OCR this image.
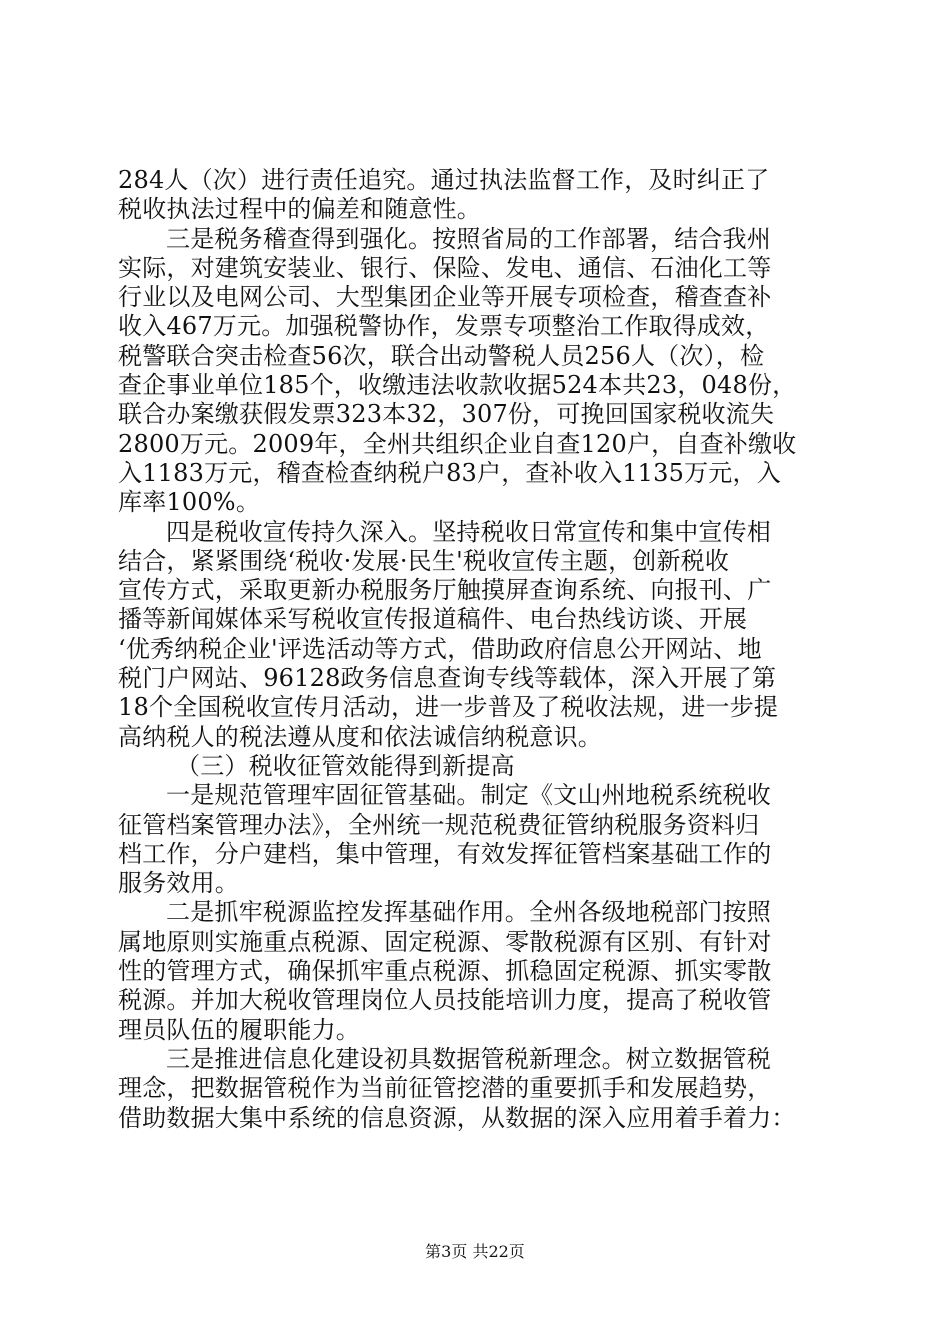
284人（次）进行责任追究。通过执法监督工作，及时纠正了
税收执法过程中的偏差和随意性。
三是税务稽查得到强化。按照省局的工作部署，结合我州
实际，对建筑安装业、银行、保险、发电、通信、石油化工等
行业以及电网公司、大型集团企业等开展专项检查，稽查查补
收入467万元。加强税警协作，发票专项整治工作取得成效，
税警联合突击检查56次，联合出动警税人员256人（次），检
查企事业单位185个，收缴违法收款收据524本共23，048份，
联合办案缴获假发票323本32，307份，可挽回国家税收流失
2800万元。2009年，全州共组织企业自查120户，自查补缴收
入1183万元，稽查检查纳税户83户，查补收入1135万元，入
库率100%。
四是税收宣传持久深入。坚持税收日常宣传和集中宣传相
结合，紧紧围绕‘税收·发展·民生'税收宣传主题，创新税收
宣传方式，采取更新办税服务厅触摸屏查询系统、向报刊、广
播等新闻媒体采写税收宣传报道稿件、电台热线访谈、开展
‘优秀纳税企业'评选活动等方式，借助政府信息公开网站、地
税门户网站、96128政务信息查询专线等载体，深入开展了第
18个全国税收宣传月活动，进一步普及了税收法规，进一步提
高纳税人的税法遵从度和依法诚信纳税意识。
（三）税收征管效能得到新提高
一是规范管理牢固征管基础。制定《文山州地税系统税收
征管档案管理办法》，全州统一规范税费征管纳税服务资料归
档工作，分户建档，集中管理，有效发挥征管档案基础工作的
服务效用。
二是抓牢税源监控发挥基础作用。全州各级地税部门按照
属地原则实施重点税源、固定税源、零散税源有区别、有针对
性的管理方式，确保抓牢重点税源、抓稳固定税源、抓实零散
税源。并加大税收管理岗位人员技能培训力度，提高了税收管
理员队伍的履职能力。
三是推进信息化建设初具数据管税新理念。树立数据管税
理念，把数据管税作为当前征管挖潜的重要抓手和发展趋势，
借助数据大集中系统的信息资源，从数据的深入应用着手着力：
第3页 共22页
